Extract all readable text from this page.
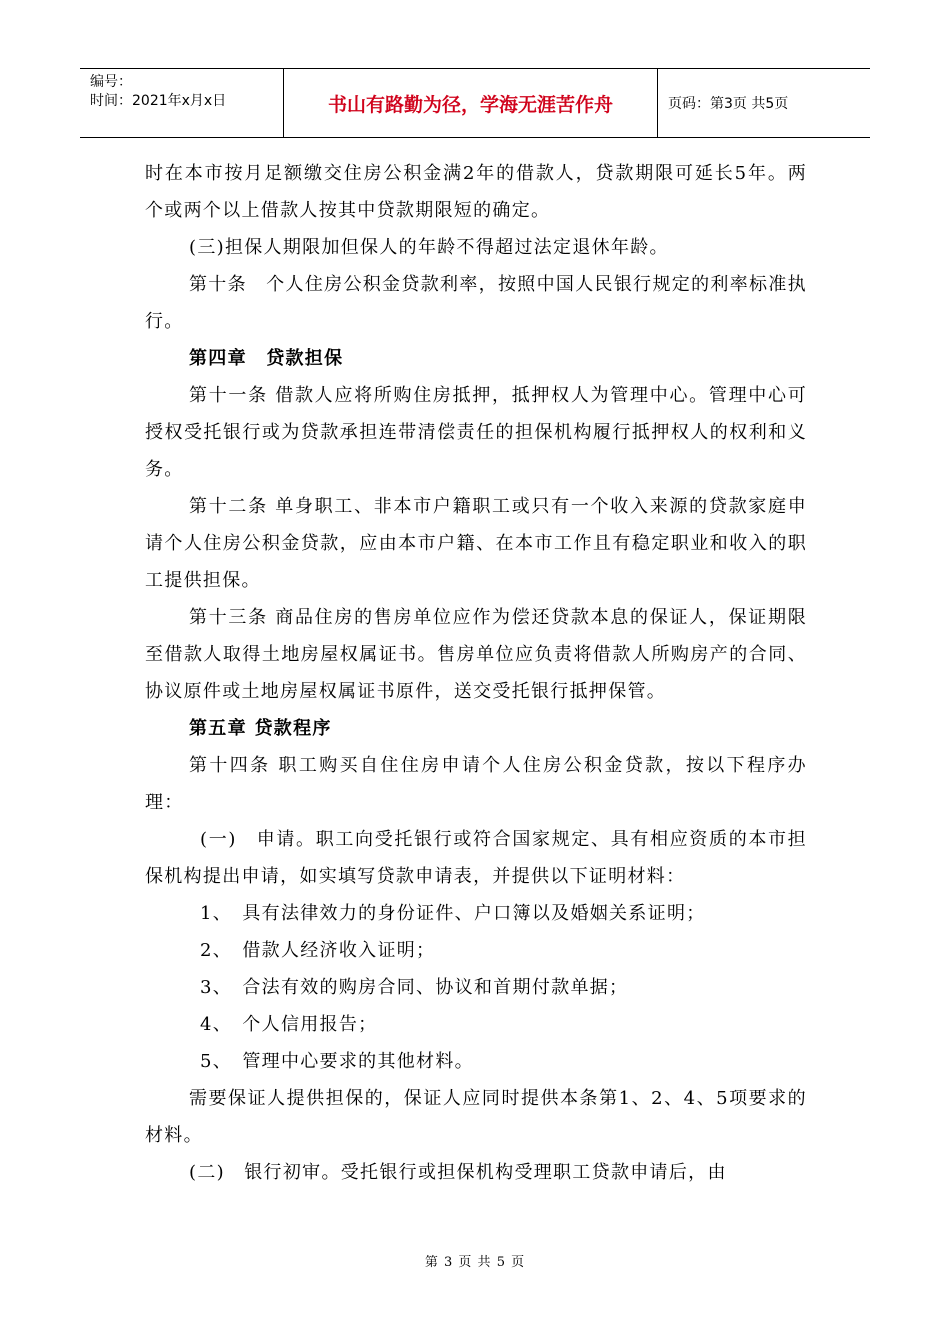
编号：
时间：2021年x月x日	书山有路勤为径，学海无涯苦作舟	页码：第3页 共5页

时在本市按月足额缴交住房公积金满2年的借款人，贷款期限可延长5年。两个或两个以上借款人按其中贷款期限短的确定。

(三)担保人期限加但保人的年龄不得超过法定退休年龄。

第十条　个人住房公积金贷款利率，按照中国人民银行规定的利率标准执行。

第四章　贷款担保

第十一条 借款人应将所购住房抵押，抵押权人为管理中心。管理中心可授权受托银行或为贷款承担连带清偿责任的担保机构履行抵押权人的权利和义务。

第十二条 单身职工、非本市户籍职工或只有一个收入来源的贷款家庭申请个人住房公积金贷款，应由本市户籍、在本市工作且有稳定职业和收入的职工提供担保。

第十三条 商品住房的售房单位应作为偿还贷款本息的保证人，保证期限至借款人取得土地房屋权属证书。售房单位应负责将借款人所购房产的合同、协议原件或土地房屋权属证书原件，送交受托银行抵押保管。

第五章 贷款程序

第十四条 职工购买自住住房申请个人住房公积金贷款，按以下程序办理：

(一)　申请。职工向受托银行或符合国家规定、具有相应资质的本市担保机构提出申请，如实填写贷款申请表，并提供以下证明材料：

1、　具有法律效力的身份证件、户口簿以及婚姻关系证明；

2、　借款人经济收入证明；

3、　合法有效的购房合同、协议和首期付款单据；

4、　个人信用报告；

5、　管理中心要求的其他材料。

需要保证人提供担保的，保证人应同时提供本条第1、2、4、5项要求的材料。

(二)　银行初审。受托银行或担保机构受理职工贷款申请后，由

第 3 页 共 5 页
